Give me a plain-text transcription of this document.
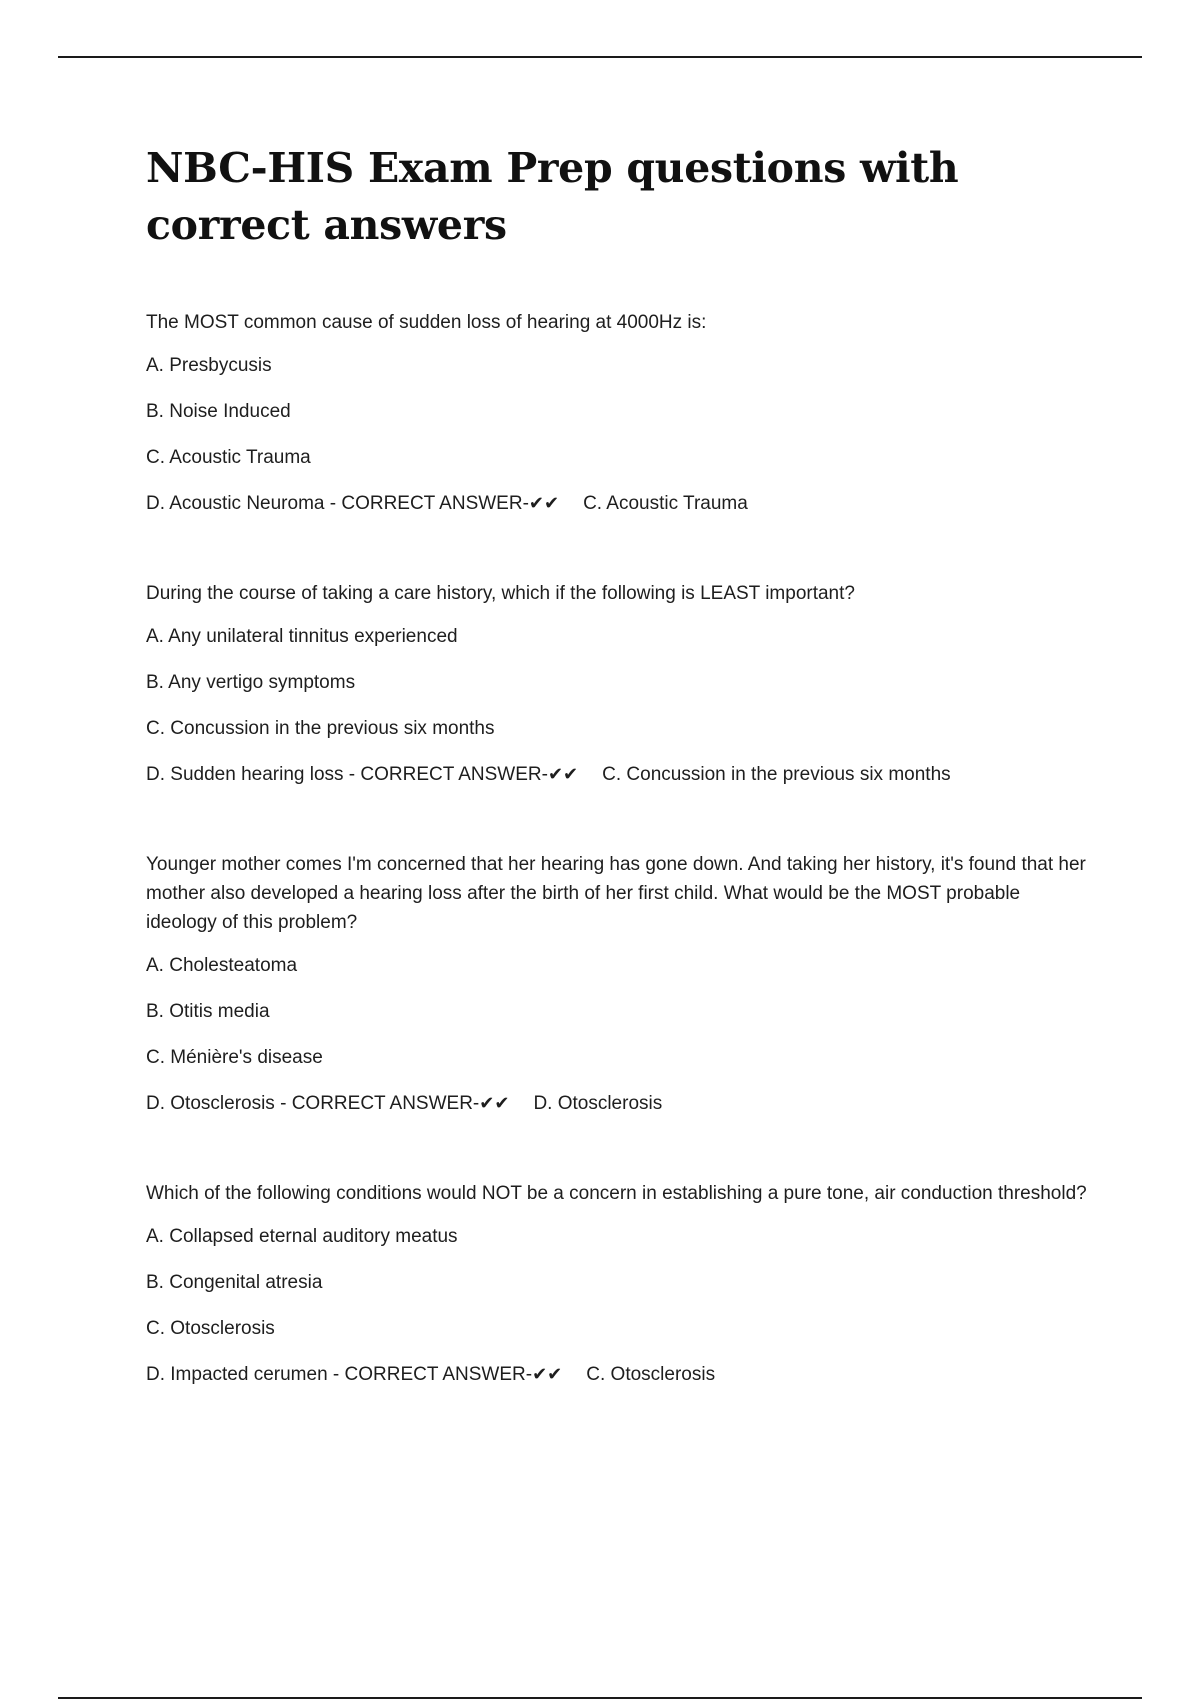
NBC-HIS Exam Prep questions with correct answers

The MOST common cause of sudden loss of hearing at 4000Hz is:

A. Presbycusis

B. Noise Induced

C. Acoustic Trauma

D. Acoustic Neuroma - CORRECT ANSWER-✔✔ C. Acoustic Trauma

During the course of taking a care history, which if the following is LEAST important?

A. Any unilateral tinnitus experienced

B. Any vertigo symptoms

C. Concussion in the previous six months

D. Sudden hearing loss - CORRECT ANSWER-✔✔ C. Concussion in the previous six months

Younger mother comes I'm concerned that her hearing has gone down. And taking her history, it's found that her mother also developed a hearing loss after the birth of her first child. What would be the MOST probable ideology of this problem?

A. Cholesteatoma

B. Otitis media

C. Ménière's disease

D. Otosclerosis - CORRECT ANSWER-✔✔ D. Otosclerosis

Which of the following conditions would NOT be a concern in establishing a pure tone, air conduction threshold?

A. Collapsed eternal auditory meatus

B. Congenital atresia

C. Otosclerosis

D. Impacted cerumen - CORRECT ANSWER-✔✔ C. Otosclerosis
